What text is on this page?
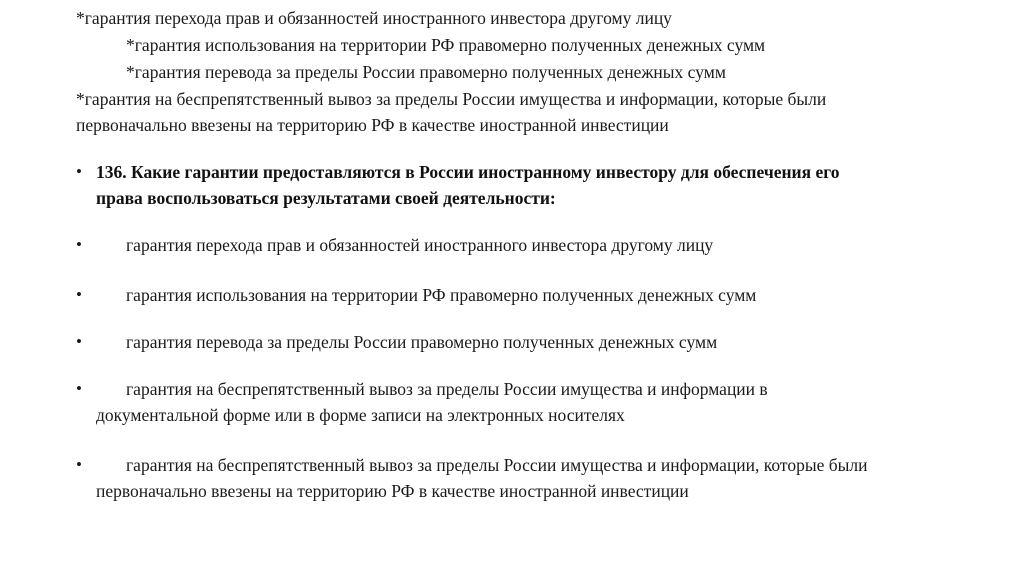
*гарантия перехода прав и обязанностей иностранного инвестора другому лицу
*гарантия использования на территории РФ правомерно полученных денежных сумм
*гарантия перевода за пределы России правомерно полученных денежных сумм
*гарантия на беспрепятственный вывоз за пределы России имущества и информации, которые были
первоначально ввезены на территорию РФ в качестве иностранной инвестиции
• 136. Какие гарантии предоставляются в России иностранному инвестору для обеспечения его
права воспользоваться результатами своей деятельности:
•	гарантия перехода прав и обязанностей иностранного инвестора другому лицу
•	гарантия использования на территории РФ правомерно полученных денежных сумм
•	гарантия перевода за пределы России правомерно полученных денежных сумм
•	гарантия на беспрепятственный вывоз за пределы России имущества и информации в
документальной форме или в форме записи на электронных носителях
•	гарантия на беспрепятственный вывоз за пределы России имущества и информации, которые были
первоначально ввезены на территорию РФ в качестве иностранной инвестиции
